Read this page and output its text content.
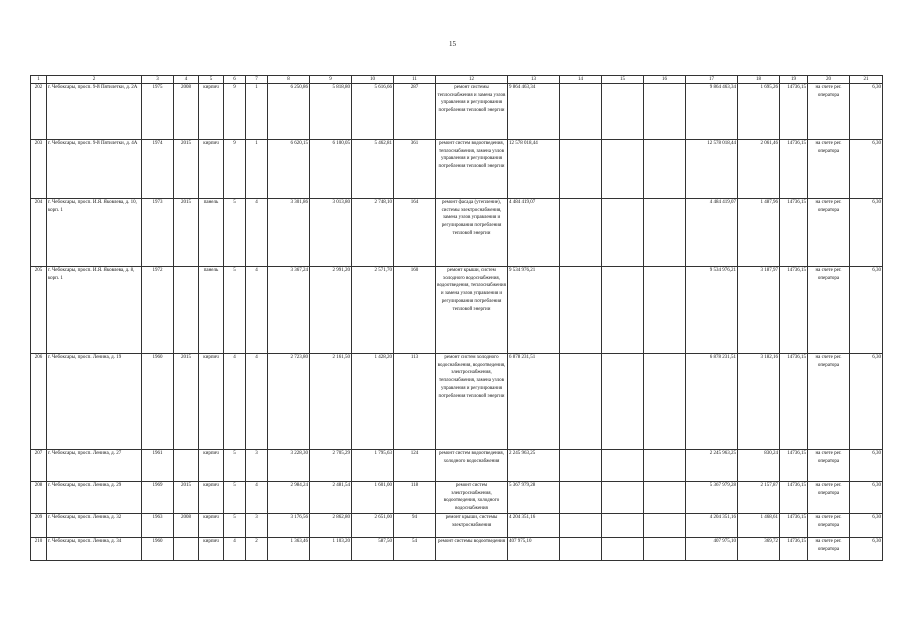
15
1	2	3	4	5	6	7	8	9	10	11	12	13	14	15	16	17	18	19	20	21
202	г. Чебоксары, просп. 9-й Пятилетки, д. 2А	1975	2008	кирпич	9	1	6 250,86	5 818,80	5 616,66	287	ремонт системы теплоснабжения и замена узлов управления и регулирования потребления тепловой энергии	9 864 463,34				9 864 463,34	1 695,26	14736,15	на счете рег. оператора	6,30
203	г. Чебоксары, просп. 9-й Пятилетки, д. 4А	1974	2015	кирпич	9	1	6 620,15	6 100,05	5 462,81	361	ремонт систем водоотведения, теплоснабжения, замена узлов управления и регулирования потребления тепловой энергии	12 578 018,44				12 578 018,44	2 061,46	14736,15	на счете рег. оператора	6,30
204	г. Чебоксары, просп. И.Я. Яковлева, д. 10, корп. 1	1973	2015	панель	5	4	3 301,86	3 013,80	2 748,10	164	ремонт фасада (утепление), системы электроснабжения, замена узлов управления и регулирования потребления тепловой энергии	4 484 419,07				4 484 419,07	1 487,96	14736,15	на счете рег. оператора	6,30
205	г. Чебоксары, просп. И.Я. Яковлева, д. 8, корп. 1	1972		панель	5	4	3 367,24	2 991,20	2 571,70	160	ремонт крыши, систем холодного водоснабжения, водоотведения, теплоснабжения и замена узлов управления и регулирования потребления тепловой энергии	9 534 976,21				9 534 976,21	3 187,97	14736,15	на счете рег. оператора	6,30
206	г. Чебоксары, просп. Ленина, д. 19	1960	2015	кирпич	4	4	2 723,80	2 161,50	1 428,20	113	ремонт систем холодного водоснабжения, водоотведения, электроснабжения, теплоснабжения, замена узлов управления и регулирования потребления тепловой энергии	6 878 231,51				6 878 231,51	3 182,16	14736,15	на счете рег. оператора	6,30
207	г. Чебоксары, просп. Ленина, д. 27	1961		кирпич	5	3	3 228,30	2 705,29	1 795,63	124	ремонт систем водоотведения, холодного водоснабжения	2 245 963,25				2 245 963,25	830,24	14736,15	на счете рег. оператора	6,30
208	г. Чебоксары, просп. Ленина, д. 29	1969	2015	кирпич	5	4	2 984,24	2 481,54	1 601,00	118	ремонт систем электроснабжения, водоотведения, холодного водоснабжения	5 367 979,28				5 367 979,28	2 157,87	14736,15	на счете рег. оператора	6,30
209	г. Чебоксары, просп. Ленина, д. 32	1963	2008	кирпич	5	3	3 176,56	2 862,80	2 651,00	94	ремонт крыши, системы электроснабжения	4 204 351,16				4 204 351,16	1 468,61	14736,15	на счете рег. оператора	6,30
210	г. Чебоксары, просп. Ленина, д. 34	1960		кирпич	4	2	1 363,46	1 103,20	587,50	54	ремонт системы водоотведения	407 975,10				407 975,10	369,72	14736,15	на счете рег. оператора	6,30
